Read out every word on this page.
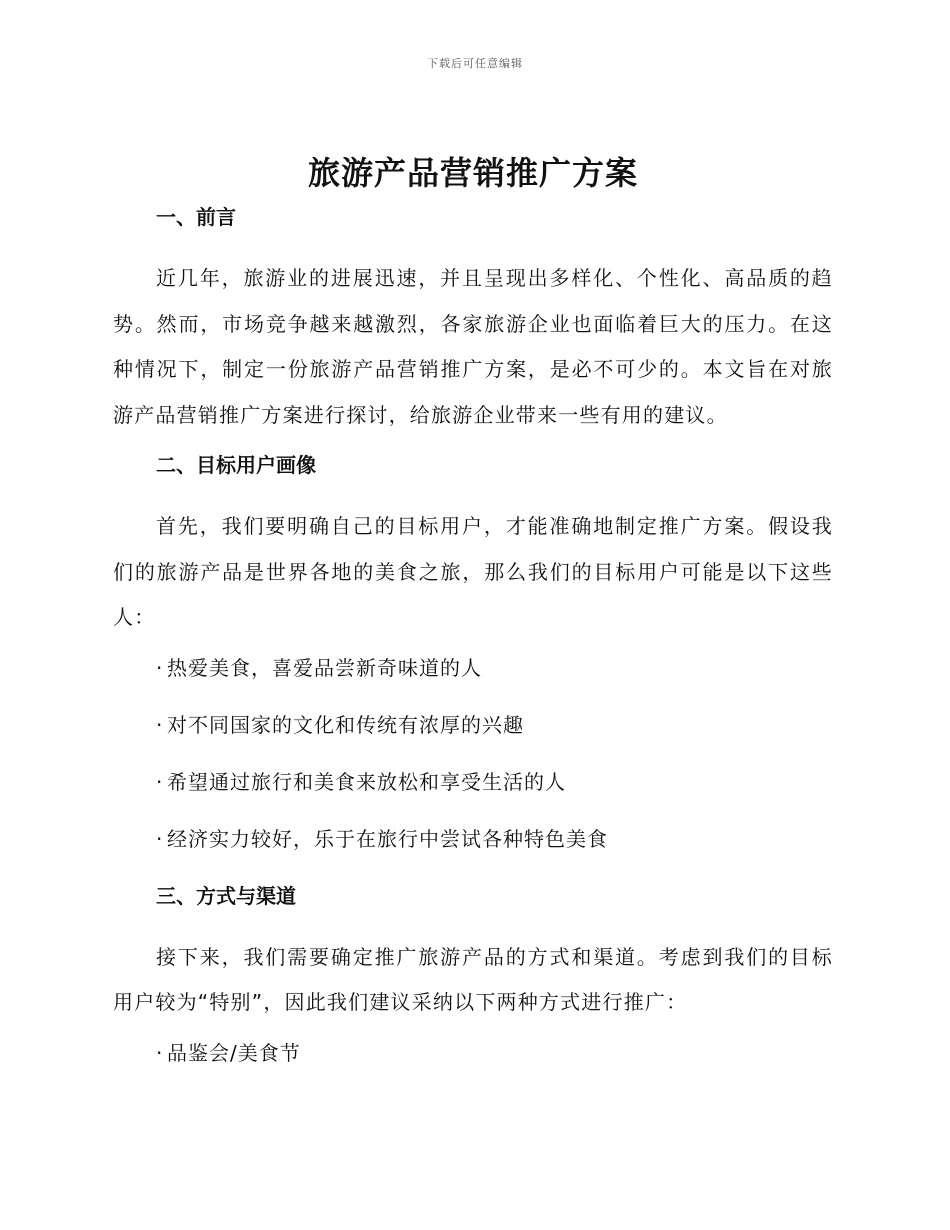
下载后可任意编辑
旅游产品营销推广方案
一、前言

近几年，旅游业的进展迅速，并且呈现出多样化、个性化、高品质的趋势。然而，市场竞争越来越激烈，各家旅游企业也面临着巨大的压力。在这种情况下，制定一份旅游产品营销推广方案，是必不可少的。本文旨在对旅游产品营销推广方案进行探讨，给旅游企业带来一些有用的建议。

二、目标用户画像

首先，我们要明确自己的目标用户，才能准确地制定推广方案。假设我们的旅游产品是世界各地的美食之旅，那么我们的目标用户可能是以下这些人：

· 热爱美食，喜爱品尝新奇味道的人
· 对不同国家的文化和传统有浓厚的兴趣
· 希望通过旅行和美食来放松和享受生活的人
· 经济实力较好，乐于在旅行中尝试各种特色美食
三、方式与渠道

接下来，我们需要确定推广旅游产品的方式和渠道。考虑到我们的目标用户较为“特别”，因此我们建议采纳以下两种方式进行推广：

· 品鉴会/美食节
